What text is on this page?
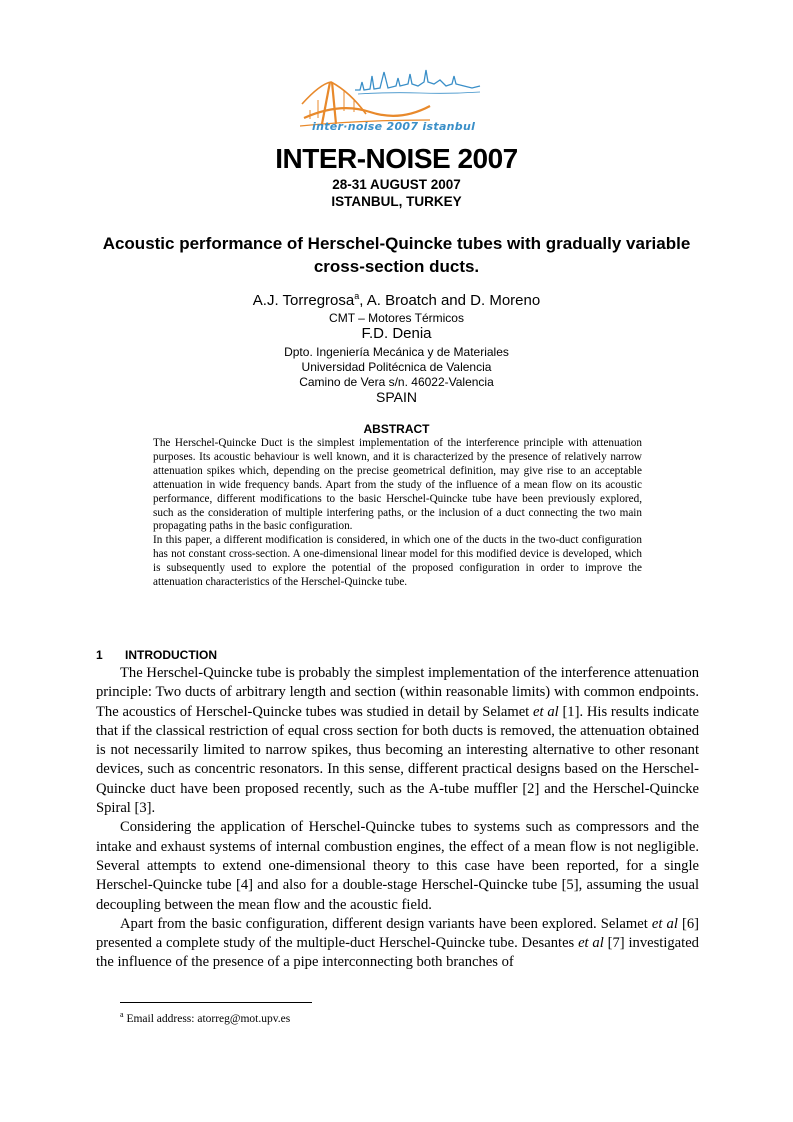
inter·noise 2007 istanbul
INTER-NOISE 2007
28-31 AUGUST 2007
ISTANBUL, TURKEY
Acoustic performance of Herschel-Quincke tubes with gradually variable cross-section ducts.
A.J. Torregrosa$^a$, A. Broatch and D. Moreno
CMT – Motores Térmicos
F.D. Denia
Dpto. Ingeniería Mecánica y de Materiales
Universidad Politécnica de Valencia
Camino de Vera s/n. 46022-Valencia
SPAIN
ABSTRACT

The Herschel-Quincke Duct is the simplest implementation of the interference principle with attenuation purposes. Its acoustic behaviour is well known, and it is characterized by the presence of relatively narrow attenuation spikes which, depending on the precise geometrical definition, may give rise to an acceptable attenuation in wide frequency bands. Apart from the study of the influence of a mean flow on its acoustic performance, different modifications to the basic Herschel-Quincke tube have been previously explored, such as the consideration of multiple interfering paths, or the inclusion of a duct connecting the two main propagating paths in the basic configuration.

In this paper, a different modification is considered, in which one of the ducts in the two-duct configuration has not constant cross-section. A one-dimensional linear model for this modified device is developed, which is subsequently used to explore the potential of the proposed configuration in order to improve the attenuation characteristics of the Herschel-Quincke tube.

1 INTRODUCTION

The Herschel-Quincke tube is probably the simplest implementation of the interference attenuation principle: Two ducts of arbitrary length and section (within reasonable limits) with common endpoints. The acoustics of Herschel-Quincke tubes was studied in detail by Selamet et al [1]. His results indicate that if the classical restriction of equal cross section for both ducts is removed, the attenuation obtained is not necessarily limited to narrow spikes, thus becoming an interesting alternative to other resonant devices, such as concentric resonators. In this sense, different practical designs based on the Herschel-Quincke duct have been proposed recently, such as the A-tube muffler [2] and the Herschel-Quincke Spiral [3].

Considering the application of Herschel-Quincke tubes to systems such as compressors and the intake and exhaust systems of internal combustion engines, the effect of a mean flow is not negligible. Several attempts to extend one-dimensional theory to this case have been reported, for a single Herschel-Quincke tube [4] and also for a double-stage Herschel-Quincke tube [5], assuming the usual decoupling between the mean flow and the acoustic field.

Apart from the basic configuration, different design variants have been explored. Selamet et al [6] presented a complete study of the multiple-duct Herschel-Quincke tube. Desantes et al [7] investigated the influence of the presence of a pipe interconnecting both branches of

$^a$ Email address: atorreg@mot.upv.es
